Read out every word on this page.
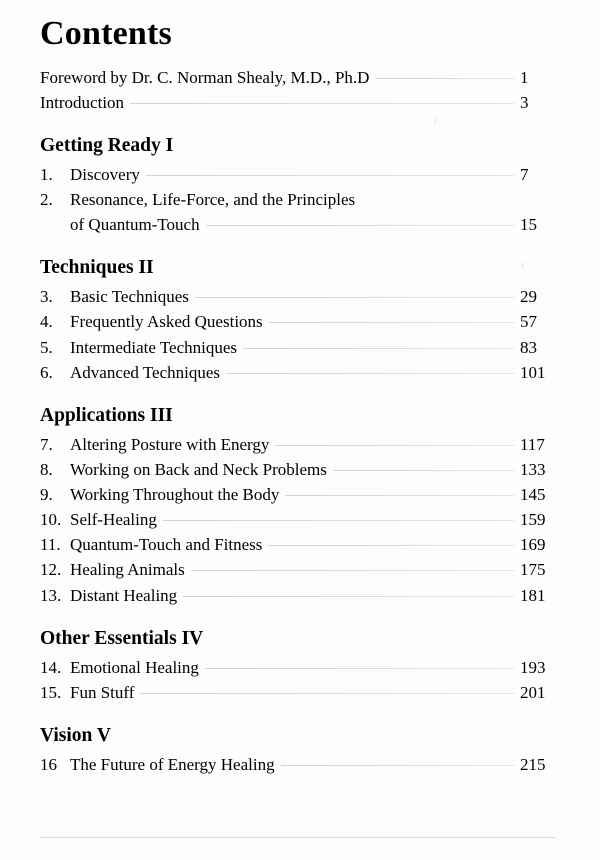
Contents
Foreword by Dr. C. Norman Shealy, M.D., Ph.D	1
Introduction	3
Getting Ready I
1.	Discovery	7
2.	Resonance, Life-Force, and the Principles
of Quantum-Touch	15
Techniques II
3.	Basic Techniques	29
4.	Frequently Asked Questions	57
5.	Intermediate Techniques	83
6.	Advanced Techniques	101
Applications III
7.	Altering Posture with Energy	117
8.	Working on Back and Neck Problems	133
9.	Working Throughout the Body	145
10. Self-Healing	159
11. Quantum-Touch and Fitness	169
12. Healing Animals	175
13. Distant Healing	181
Other Essentials IV
14. Emotional Healing	193
15. Fun Stuff	201
Vision V
16 The Future of Energy Healing	215
